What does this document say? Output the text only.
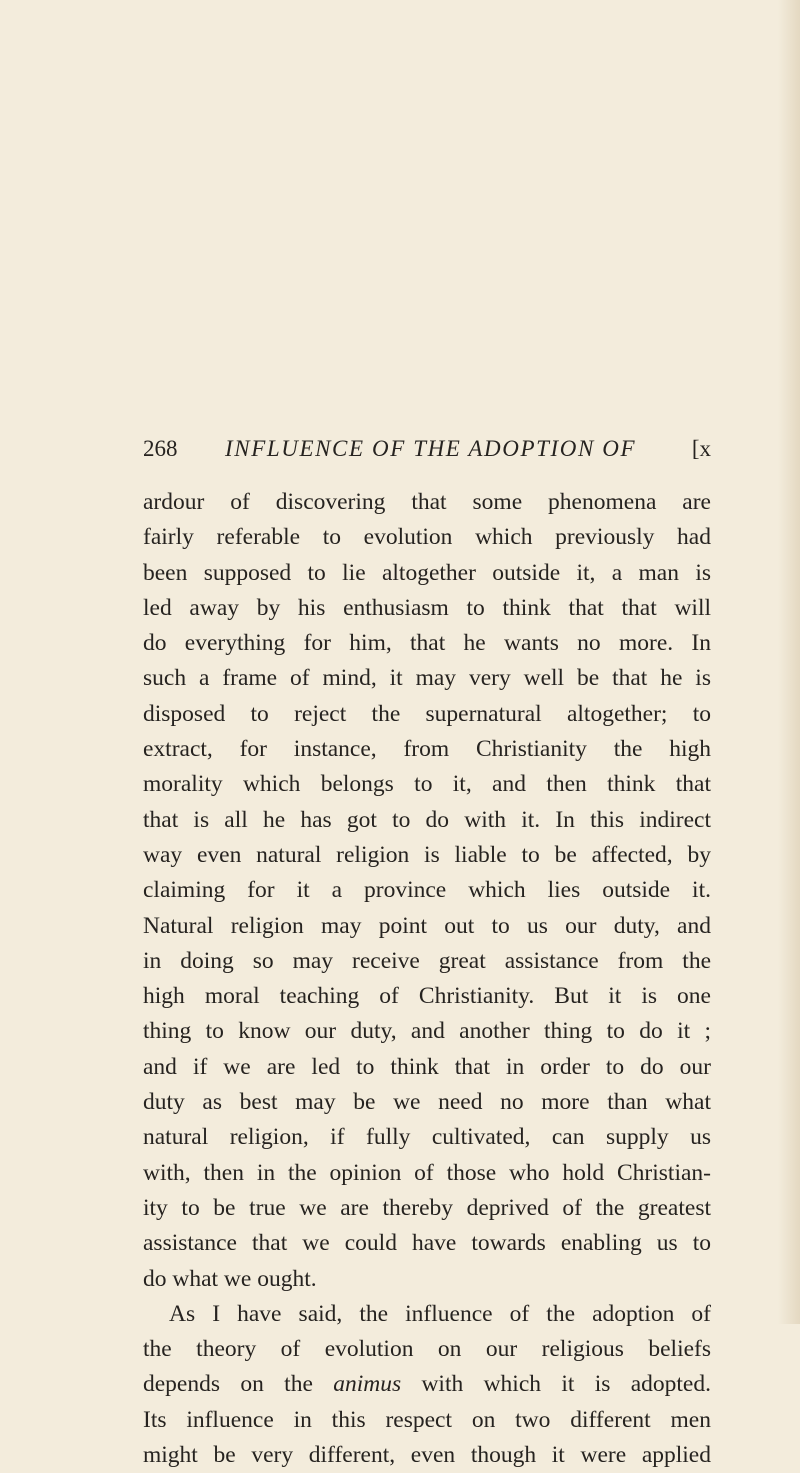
268 INFLUENCE OF THE ADOPTION OF [x
ardour of discovering that some phenomena are
fairly referable to evolution which previously had
been supposed to lie altogether outside it, a man is
led away by his enthusiasm to think that that will
do everything for him, that he wants no more. In
such a frame of mind, it may very well be that he is
disposed to reject the supernatural altogether; to
extract, for instance, from Christianity the high
morality which belongs to it, and then think that
that is all he has got to do with it. In this indirect
way even natural religion is liable to be affected, by
claiming for it a province which lies outside it.
Natural religion may point out to us our duty, and
in doing so may receive great assistance from the
high moral teaching of Christianity. But it is one
thing to know our duty, and another thing to do it ;
and if we are led to think that in order to do our
duty as best may be we need no more than what
natural religion, if fully cultivated, can supply us
with, then in the opinion of those who hold Christian-
ity to be true we are thereby deprived of the greatest
assistance that we could have towards enabling us to
do what we ought.
As I have said, the influence of the adoption of
the theory of evolution on our religious beliefs
depends on the animus with which it is adopted.
Its influence in this respect on two different men
might be very different, even though it were applied
